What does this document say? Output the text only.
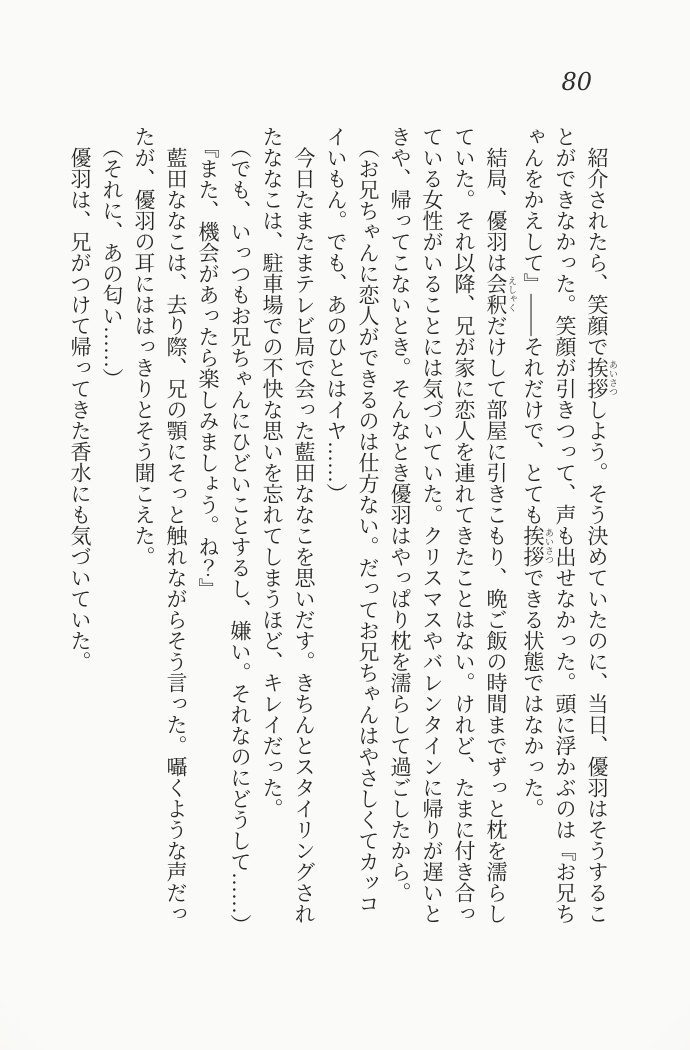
80

紹介されたら、笑顔で挨拶 あいさつしよう。そう決めていたのに、当日、優羽はそうすることができなかった。笑顔が引きつって、声も出せなかった。頭に浮かぶのは『お兄ちゃんをかえして』――それだけで、とても挨拶 あいさつできる状態ではなかった。

結局、優羽は会釈 えしゃくだけして部屋に引きこもり、晩ご飯の時間までずっと枕を濡らしていた。それ以降、兄が家に恋人を連れてきたことはない。けれど、たまに付き合っている女性がいることには気づいていた。クリスマスやバレンタインに帰りが遅いときや、帰ってこないとき。そんなとき優羽はやっぱり枕を濡らして過ごしたから。

（お兄ちゃんに恋人ができるのは仕方ない。だってお兄ちゃんはやさしくてカッコイいもん。でも、あのひとはイヤ……）

今日たまたまテレビ局で会った藍田ななこを思いだす。きちんとスタイリングされたななこは、駐車場での不快な思いを忘れてしまうほど、キレイだった。

（でも、いっつもお兄ちゃんにひどいことするし、嫌い。それなのにどうして……）

『また、機会があったら楽しみましょう。ね？』

藍田ななこは、去り際、兄の顎にそっと触れながらそう言った。囁くような声だったが、優羽の耳にははっきりとそう聞こえた。

（それに、あの匂い……）

優羽は、兄がつけて帰ってきた香水にも気づいていた。
